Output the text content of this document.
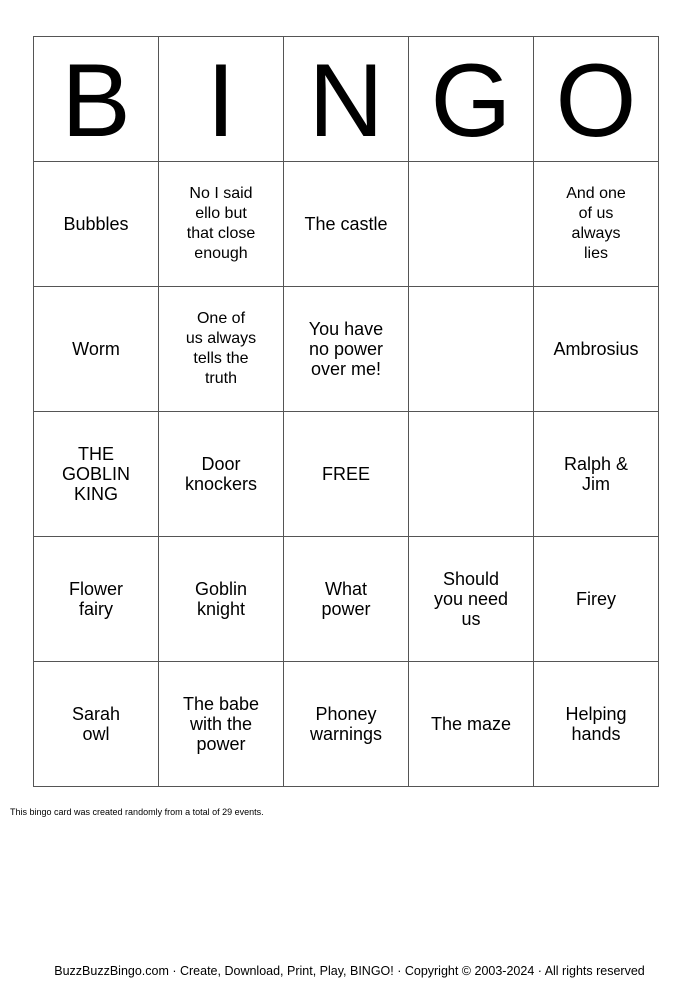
B	I	N	G	O
Bubbles	No I said
ello but
that close
enough	The castle		And one
of us
always
lies
Worm	One of
us always
tells the
truth	You have
no power
over me!		Ambrosius
THE
GOBLIN
KING	Door
knockers	FREE		Ralph &
Jim
Flower
fairy	Goblin
knight	What
power	Should
you need
us	Firey
Sarah
owl	The babe
with the
power	Phoney
warnings	The maze	Helping
hands
This bingo card was created randomly from a total of 29 events.
BuzzBuzzBingo.com · Create, Download, Print, Play, BINGO! · Copyright © 2003-2024 · All rights reserved
